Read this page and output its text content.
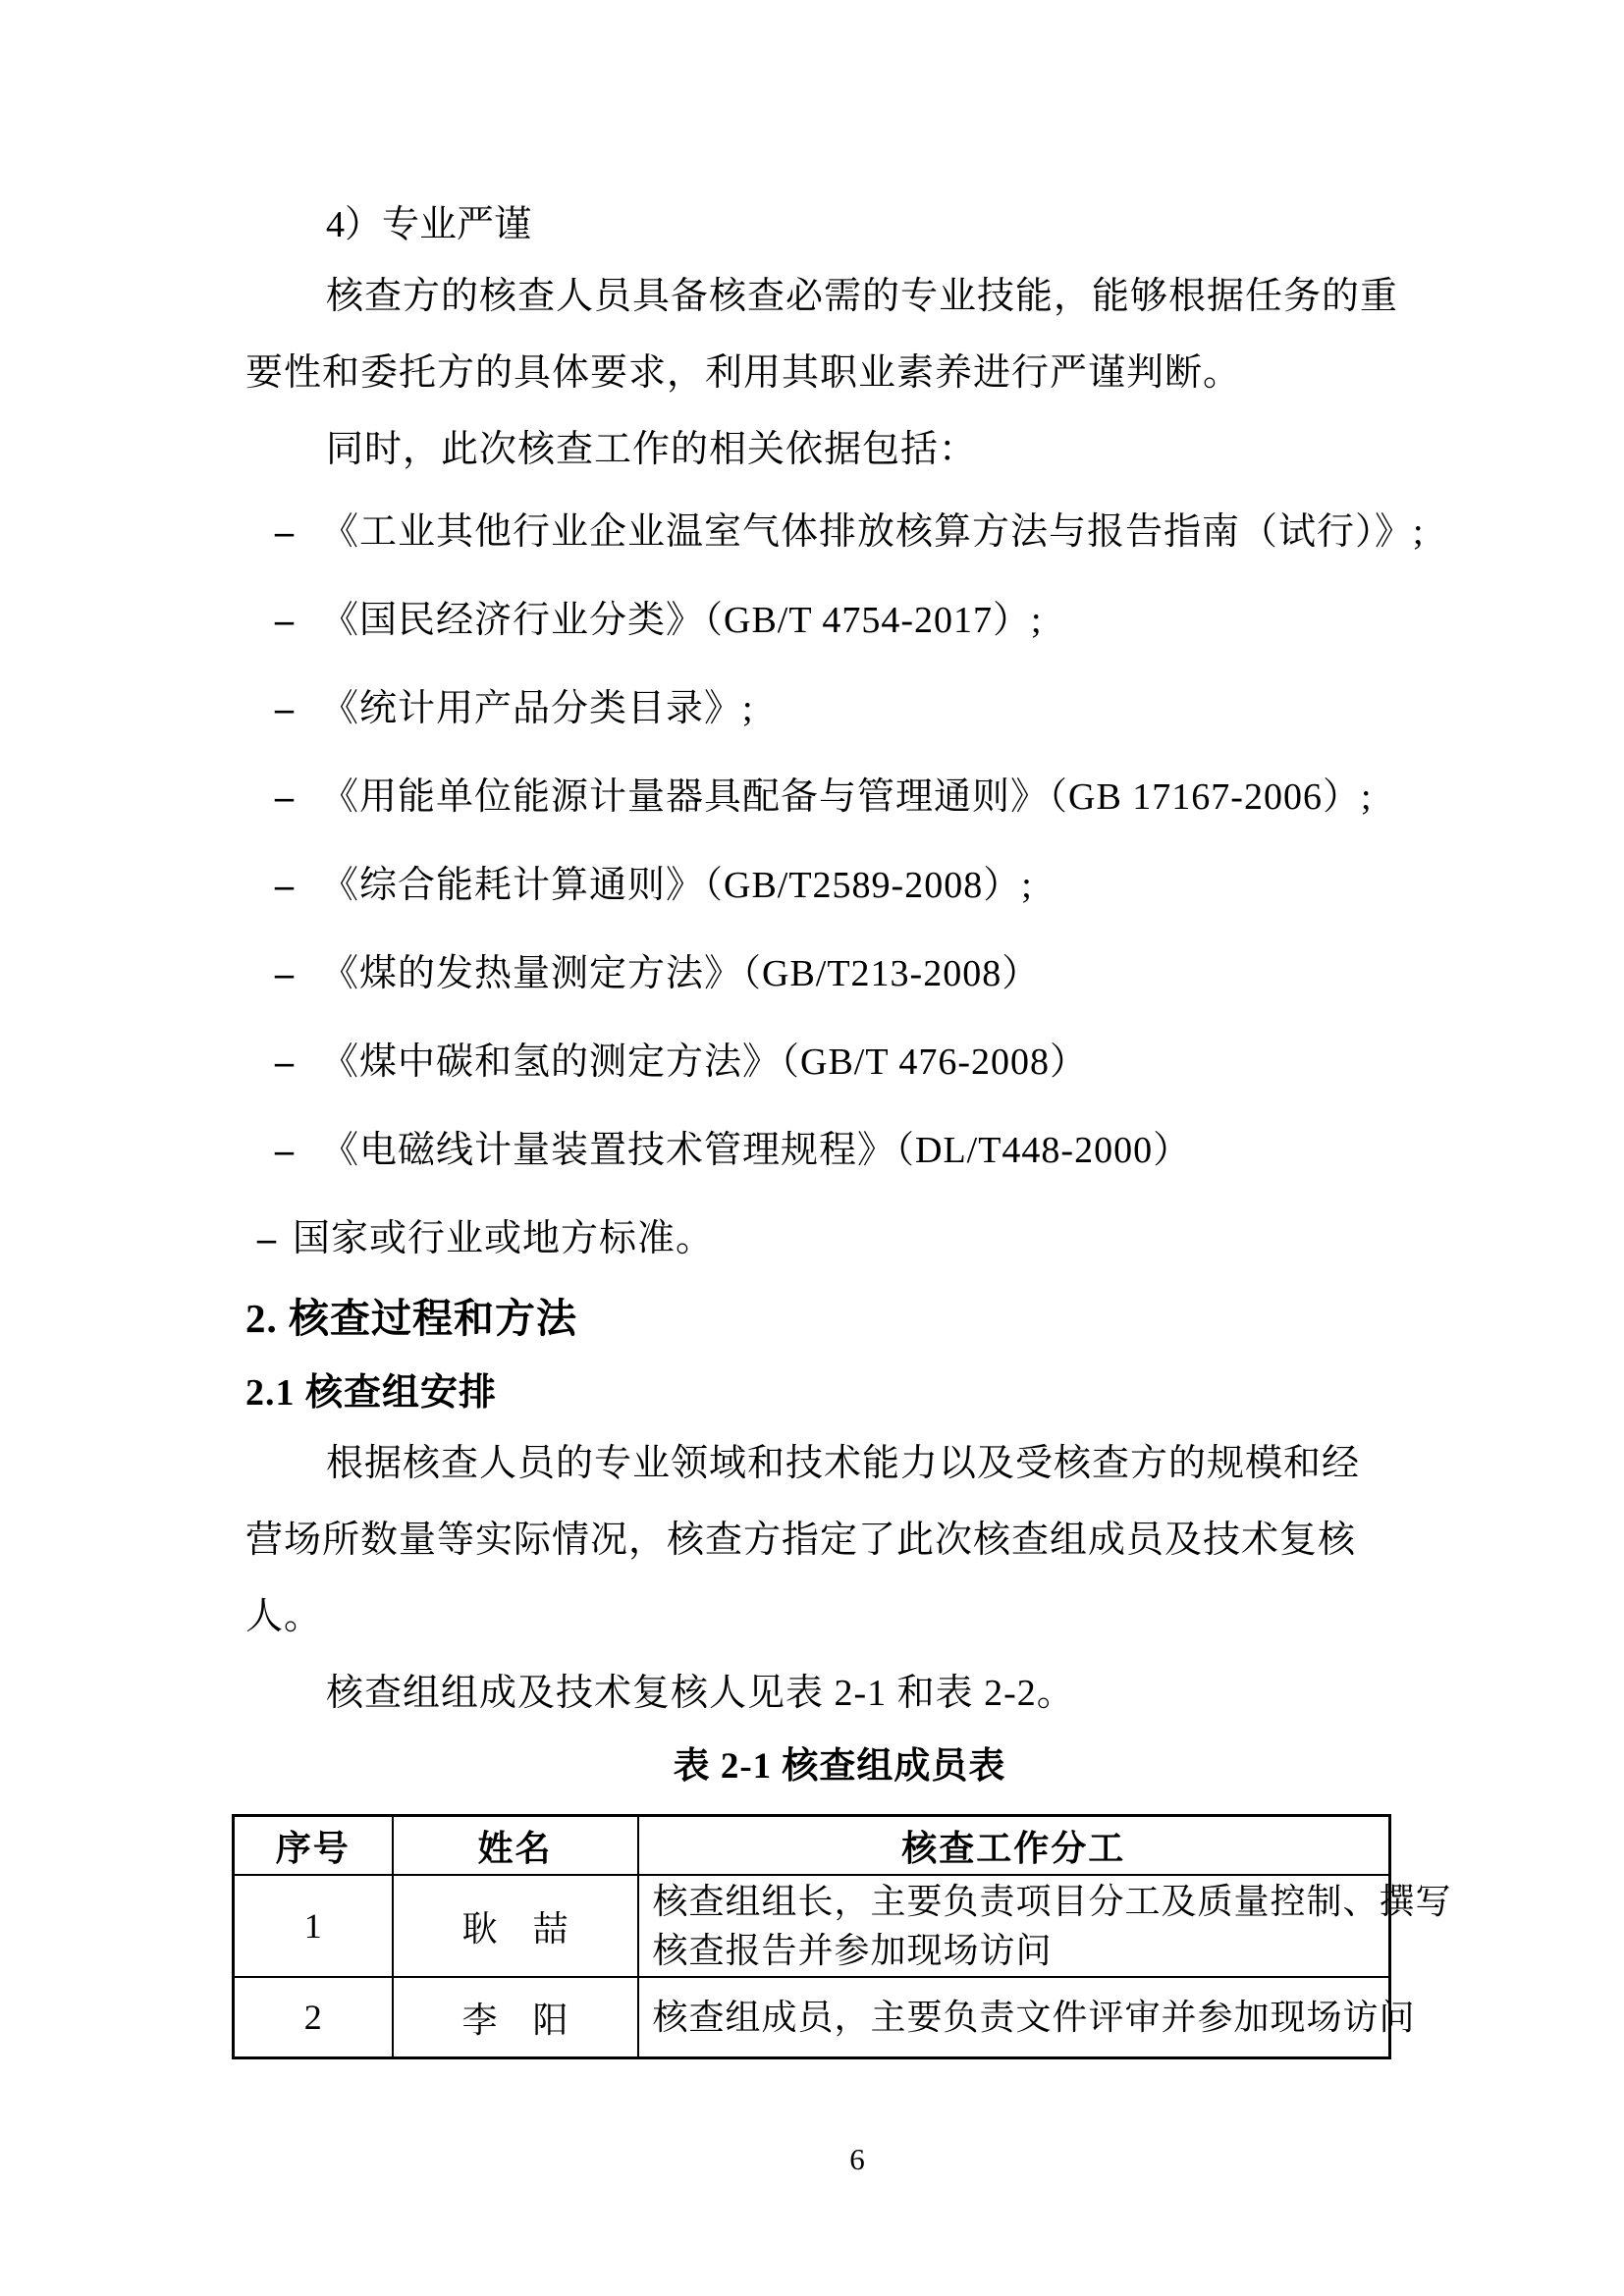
4）专业严谨
核查方的核查人员具备核查必需的专业技能，能够根据任务的重
要性和委托方的具体要求，利用其职业素养进行严谨判断。
同时，此次核查工作的相关依据包括：
– 《工业其他行业企业温室气体排放核算方法与报告指南（试行）》;
– 《国民经济行业分类》（GB/T 4754-2017）;
– 《统计用产品分类目录》;
– 《用能单位能源计量器具配备与管理通则》（GB 17167-2006）;
– 《综合能耗计算通则》（GB/T2589-2008）;
– 《煤的发热量测定方法》（GB/T213-2008）
– 《煤中碳和氢的测定方法》（GB/T 476-2008）
– 《电磁线计量装置技术管理规程》（DL/T448-2000）
– 国家或行业或地方标准。
2. 核查过程和方法
2.1 核查组安排
根据核查人员的专业领域和技术能力以及受核查方的规模和经
营场所数量等实际情况，核查方指定了此次核查组成员及技术复核
人。
核查组组成及技术复核人见表 2-1 和表 2-2。
表 2-1 核查组成员表
序号	姓名	核查工作分工
1	耿　喆	核查组组长，主要负责项目分工及质量控制、撰写
核查报告并参加现场访问

2	李　阳	核查组成员，主要负责文件评审并参加现场访问
6
